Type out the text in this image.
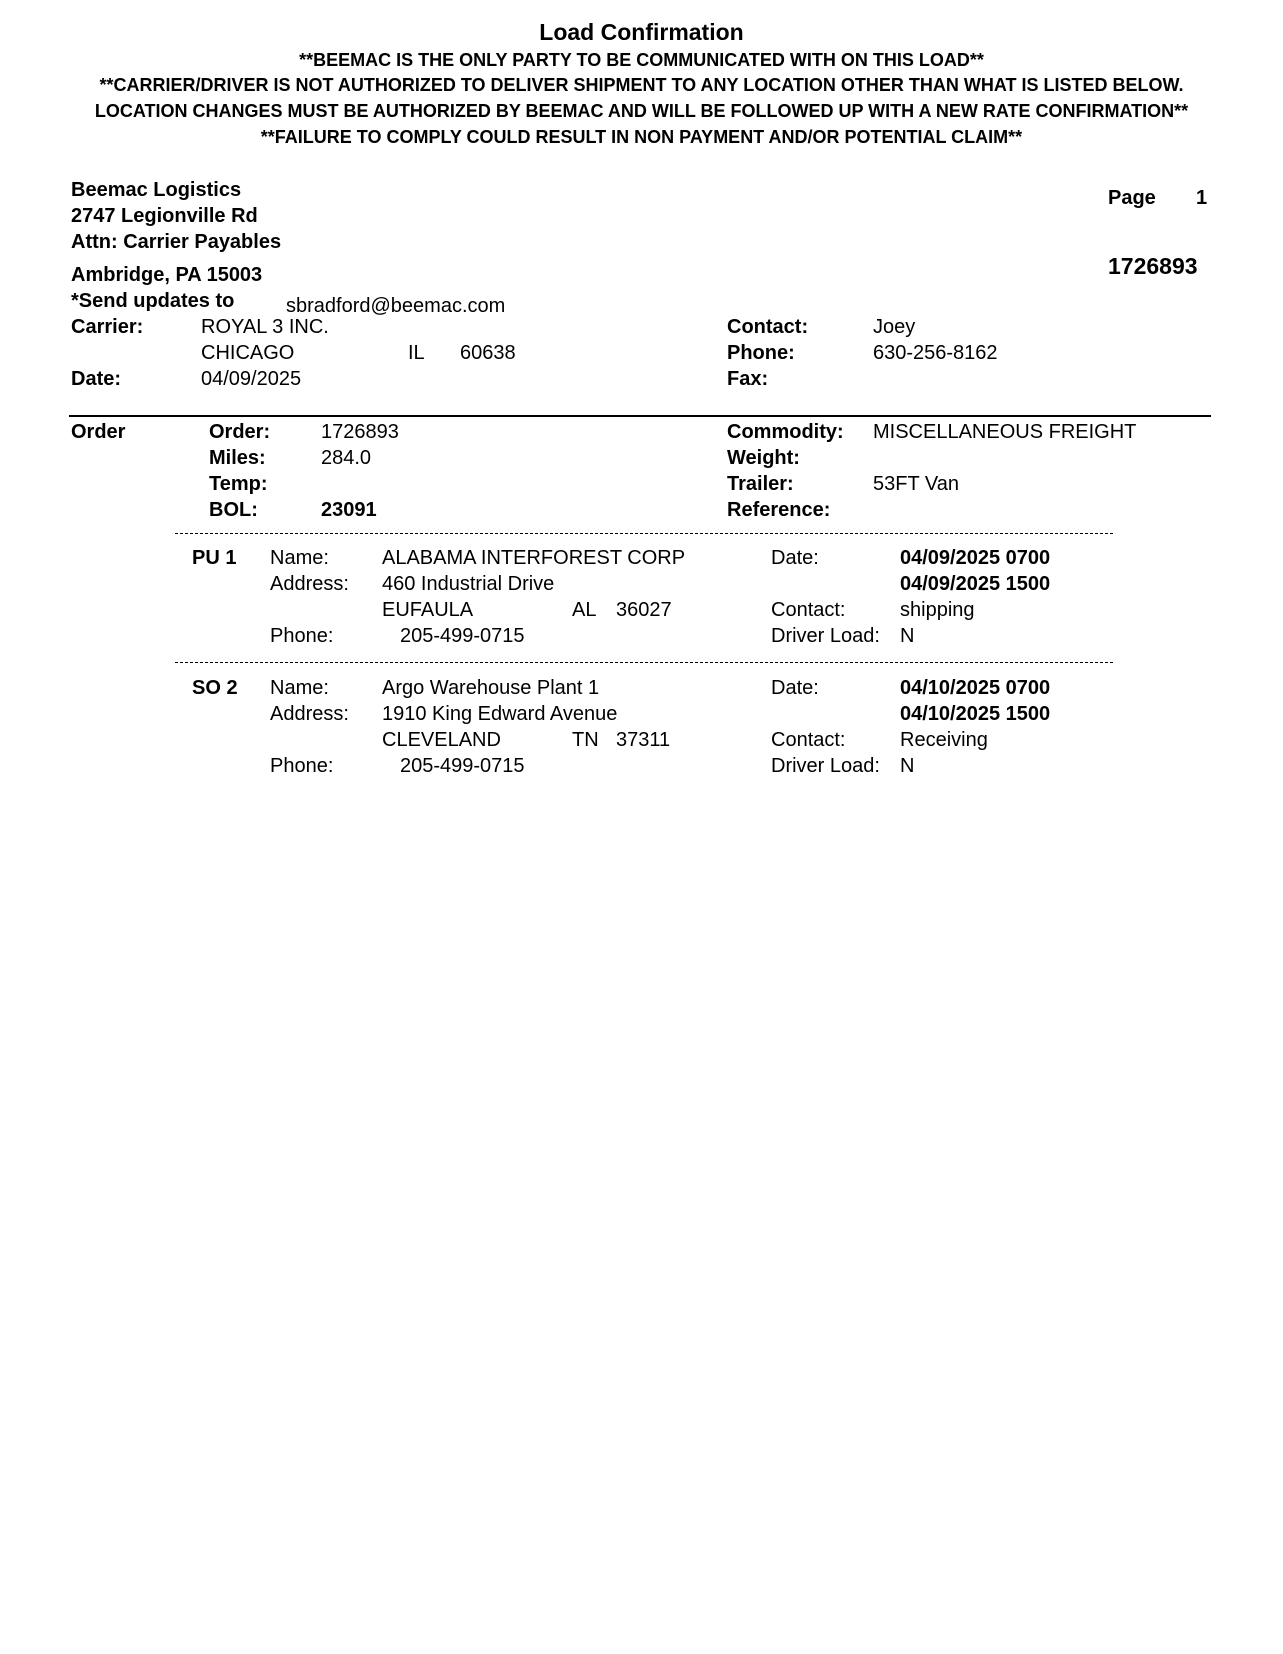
Load Confirmation
**BEEMAC IS THE ONLY PARTY TO BE COMMUNICATED WITH ON THIS LOAD**
**CARRIER/DRIVER IS NOT AUTHORIZED TO DELIVER SHIPMENT TO ANY LOCATION OTHER THAN WHAT IS LISTED BELOW.
LOCATION CHANGES MUST BE AUTHORIZED BY BEEMAC AND WILL BE FOLLOWED UP WITH A NEW RATE CONFIRMATION**
**FAILURE TO COMPLY COULD RESULT IN NON PAYMENT AND/OR POTENTIAL CLAIM**
Beemac Logistics
2747 Legionville Rd
Attn: Carrier Payables
Ambridge, PA 15003
*Send updates to	sbradford@beemac.com
Page 1
1726893
Carrier:	ROYAL 3 INC.
CHICAGO	IL 60638
Date:	04/09/2025
Contact:	Joey
Phone:	630-256-8162
Fax:
Order	Order:	1726893
Miles:	284.0
Temp:
BOL:	23091
Commodity: MISCELLANEOUS FREIGHT
Weight:
Trailer:	53FT Van
Reference:
PU 1 Name:	ALABAMA INTERFOREST CORP
Address: 460 Industrial Drive
EUFAULA	AL 36027
Phone:	205-499-0715
Date:	04/09/2025 0700
04/09/2025 1500
Contact:	shipping
Driver Load: N
SO 2 Name:	Argo Warehouse Plant 1
Address: 1910 King Edward Avenue
CLEVELAND	TN 37311
Phone:	205-499-0715
Date:	04/10/2025 0700
04/10/2025 1500
Contact:	Receiving
Driver Load: N
